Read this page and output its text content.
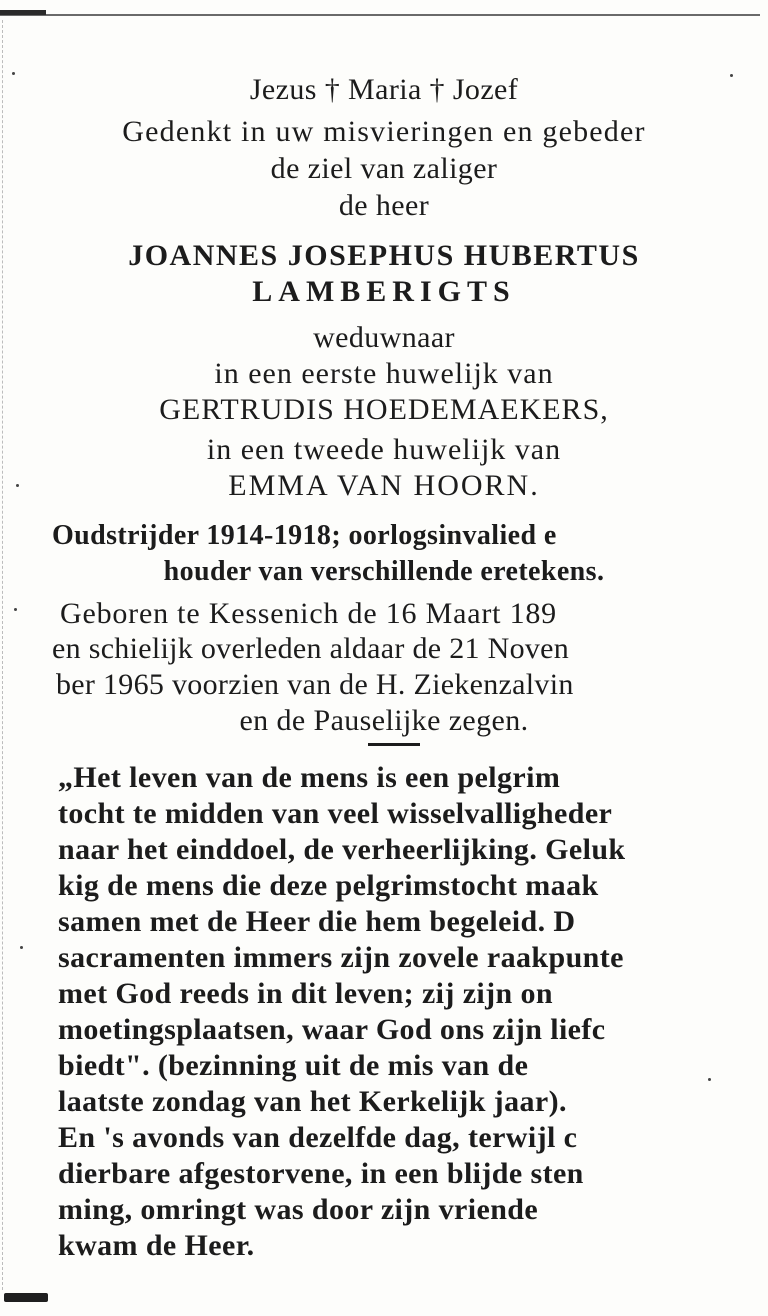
Jezus † Maria † Jozef
Gedenkt in uw misvieringen en gebeder
de ziel van zaliger
de heer
JOANNES JOSEPHUS HUBERTUS
LAMBERIGTS
weduwnaar
in een eerste huwelijk van
GERTRUDIS HOEDEMAEKERS,
in een tweede huwelijk van
EMMA VAN HOORN.
Oudstrijder 1914-1918; oorlogsinvalied e
houder van verschillende eretekens.
Geboren te Kessenich de 16 Maart 189
en schielijk overleden aldaar de 21 Noven
ber 1965 voorzien van de H. Ziekenzalvin
en de Pauselijke zegen.
„Het leven van de mens is een pelgrim
tocht te midden van veel wisselvalligheder
naar het einddoel, de verheerlijking. Geluk
kig de mens die deze pelgrimstocht maak
samen met de Heer die hem begeleid. D
sacramenten immers zijn zovele raakpunte
met God reeds in dit leven; zij zijn on
moetingsplaatsen, waar God ons zijn liefc
biedt". (bezinning uit de mis van de
laatste zondag van het Kerkelijk jaar).
En 's avonds van dezelfde dag, terwijl c
dierbare afgestorvene, in een blijde sten
ming, omringt was door zijn vriende
kwam de Heer.
